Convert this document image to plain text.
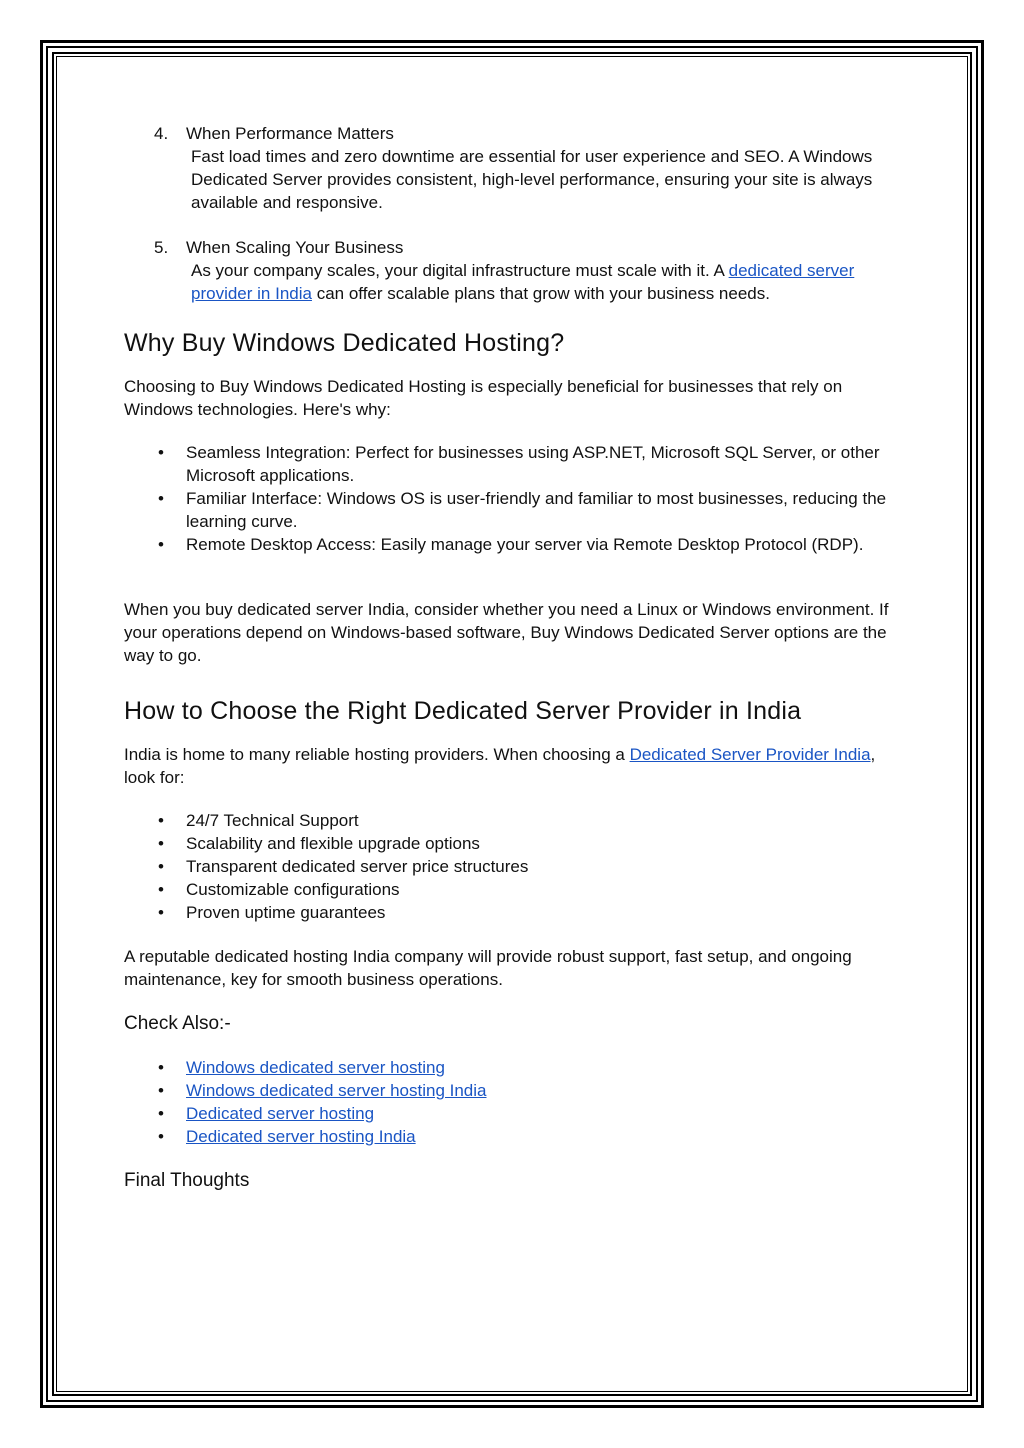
4. When Performance Matters
Fast load times and zero downtime are essential for user experience and SEO. A Windows Dedicated Server provides consistent, high-level performance, ensuring your site is always available and responsive.
5. When Scaling Your Business
As your company scales, your digital infrastructure must scale with it. A dedicated server provider in India can offer scalable plans that grow with your business needs.
Why Buy Windows Dedicated Hosting?

Choosing to Buy Windows Dedicated Hosting is especially beneficial for businesses that rely on Windows technologies. Here's why:

• Seamless Integration: Perfect for businesses using ASP.NET, Microsoft SQL Server, or other Microsoft applications.
• Familiar Interface: Windows OS is user-friendly and familiar to most businesses, reducing the learning curve.
• Remote Desktop Access: Easily manage your server via Remote Desktop Protocol (RDP).

When you buy dedicated server India, consider whether you need a Linux or Windows environment. If your operations depend on Windows-based software, Buy Windows Dedicated Server options are the way to go.

How to Choose the Right Dedicated Server Provider in India

India is home to many reliable hosting providers. When choosing a Dedicated Server Provider India, look for:

• 24/7 Technical Support
• Scalability and flexible upgrade options
• Transparent dedicated server price structures
• Customizable configurations
• Proven uptime guarantees

A reputable dedicated hosting India company will provide robust support, fast setup, and ongoing maintenance, key for smooth business operations.

Check Also:-

• Windows dedicated server hosting
• Windows dedicated server hosting India
• Dedicated server hosting
• Dedicated server hosting India

Final Thoughts
